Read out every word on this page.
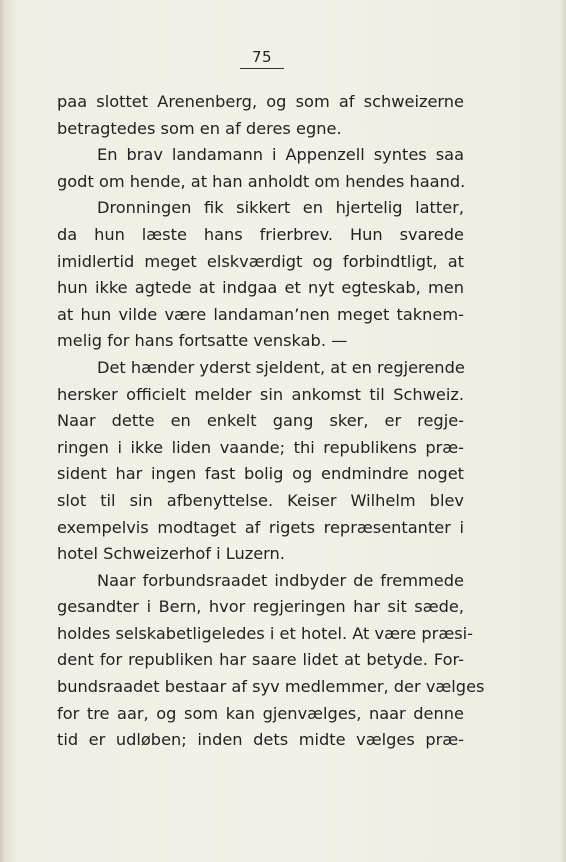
75
paa slottet Arenenberg, og som af schweizerne
betragtedes som en af deres egne.
En brav landamann i Appenzell syntes saa
godt om hende, at han anholdt om hendes haand.
Dronningen fik sikkert en hjertelig latter,
da hun læste hans frierbrev. Hun svarede
imidlertid meget elskværdigt og forbindtligt, at
hun ikke agtede at indgaa et nyt egteskab, men
at hun vilde være landaman’nen meget taknem-
melig for hans fortsatte venskab. —
Det hænder yderst sjeldent, at en regjerende
hersker officielt melder sin ankomst til Schweiz.
Naar dette en enkelt gang sker, er regje-
ringen i ikke liden vaande; thi republikens præ-
sident har ingen fast bolig og endmindre noget
slot til sin afbenyttelse. Keiser Wilhelm blev
exempelvis modtaget af rigets repræsentanter i
hotel Schweizerhof i Luzern.
Naar forbundsraadet indbyder de fremmede
gesandter i Bern, hvor regjeringen har sit sæde,
holdes selskabetligeledes i et hotel. At være præsi-
dent for republiken har saare lidet at betyde. For-
bundsraadet bestaar af syv medlemmer, der vælges
for tre aar, og som kan gjenvælges, naar denne
tid er udløben; inden dets midte vælges præ-
